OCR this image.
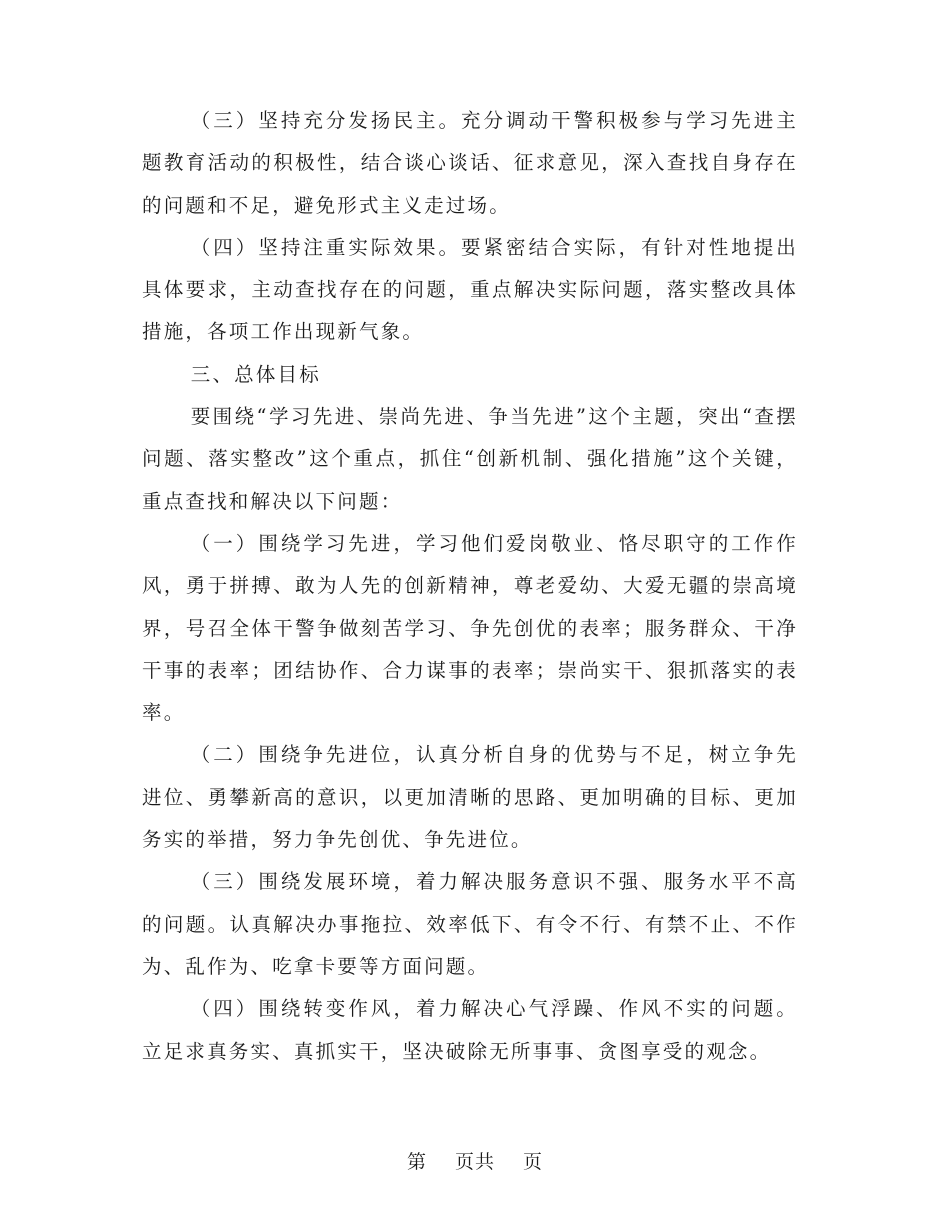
（三）坚持充分发扬民主。充分调动干警积极参与学习先进主题教育活动的积极性，结合谈心谈话、征求意见，深入查找自身存在的问题和不足，避免形式主义走过场。

（四）坚持注重实际效果。要紧密结合实际，有针对性地提出具体要求，主动查找存在的问题，重点解决实际问题，落实整改具体措施，各项工作出现新气象。

三、总体目标

要围绕“学习先进、崇尚先进、争当先进”这个主题，突出“查摆问题、落实整改”这个重点，抓住“创新机制、强化措施”这个关键，重点查找和解决以下问题：

（一）围绕学习先进，学习他们爱岗敬业、恪尽职守的工作作风，勇于拼搏、敢为人先的创新精神，尊老爱幼、大爱无疆的崇高境界，号召全体干警争做刻苦学习、争先创优的表率；服务群众、干净干事的表率；团结协作、合力谋事的表率；崇尚实干、狠抓落实的表率。

（二）围绕争先进位，认真分析自身的优势与不足，树立争先进位、勇攀新高的意识，以更加清晰的思路、更加明确的目标、更加务实的举措，努力争先创优、争先进位。

（三）围绕发展环境，着力解决服务意识不强、服务水平不高的问题。认真解决办事拖拉、效率低下、有令不行、有禁不止、不作为、乱作为、吃拿卡要等方面问题。

（四）围绕转变作风，着力解决心气浮躁、作风不实的问题。立足求真务实、真抓实干，坚决破除无所事事、贪图享受的观念。

第 页共 页
